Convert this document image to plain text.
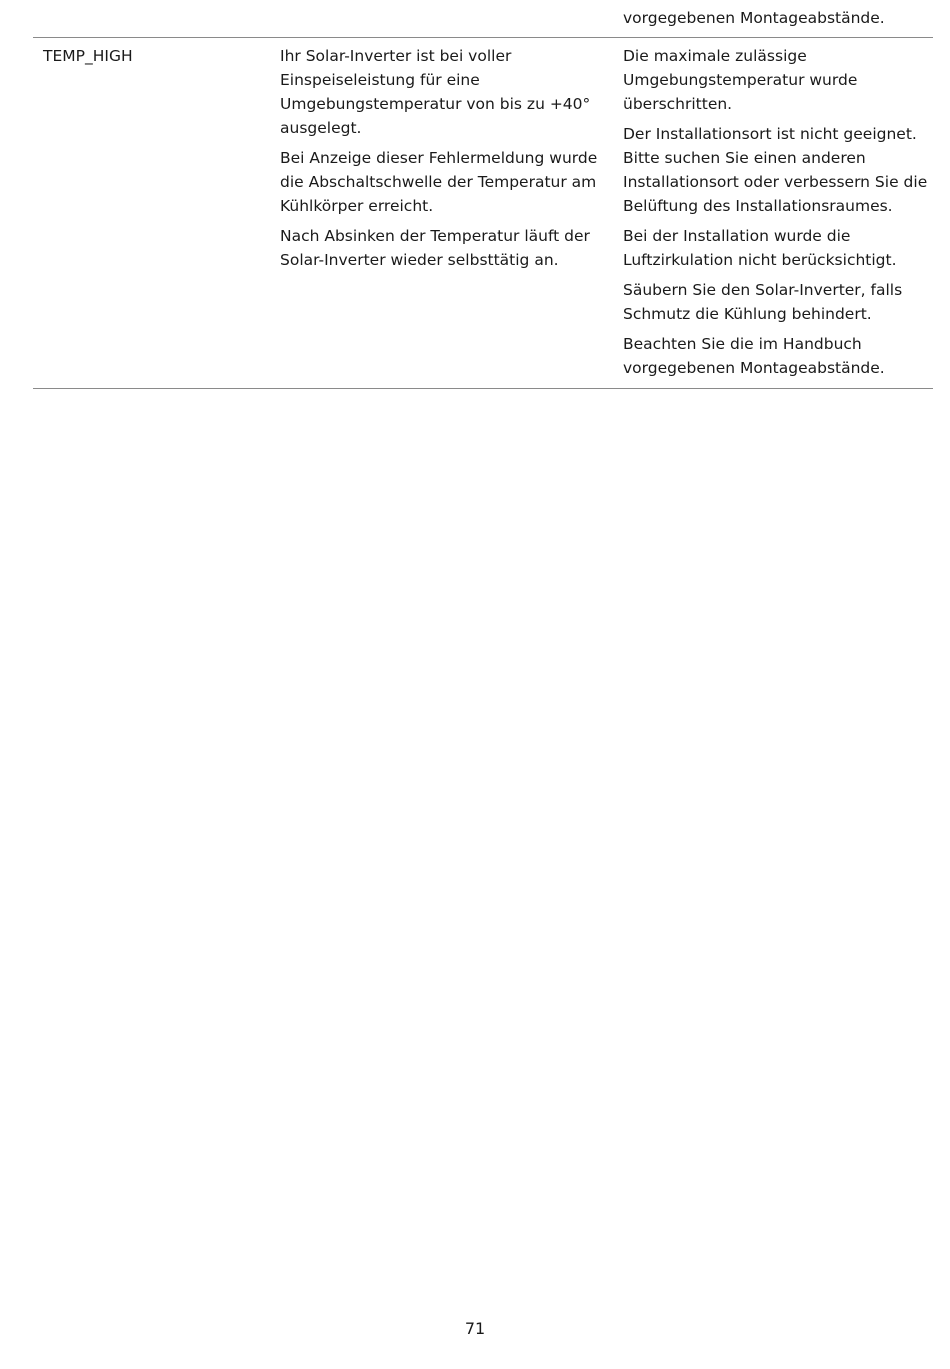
vorgegebenen Montageabstände.

TEMP_HIGH	Ihr Solar-Inverter ist bei voller Einspeiseleistung für eine Umgebungstemperatur von bis zu +40° ausgelegt.

Bei Anzeige dieser Fehlermeldung wurde die Abschaltschwelle der Temperatur am Kühlkörper erreicht.

Nach Absinken der Temperatur läuft der Solar-Inverter wieder selbsttätig an.

Die maximale zulässige Umgebungstemperatur wurde überschritten.

Der Installationsort ist nicht geeignet. Bitte suchen Sie einen anderen Installationsort oder verbessern Sie die Belüftung des Installationsraumes.

Bei der Installation wurde die Luftzirkulation nicht berücksichtigt.

Säubern Sie den Solar-Inverter, falls Schmutz die Kühlung behindert.

Beachten Sie die im Handbuch vorgegebenen Montageabstände.

71
